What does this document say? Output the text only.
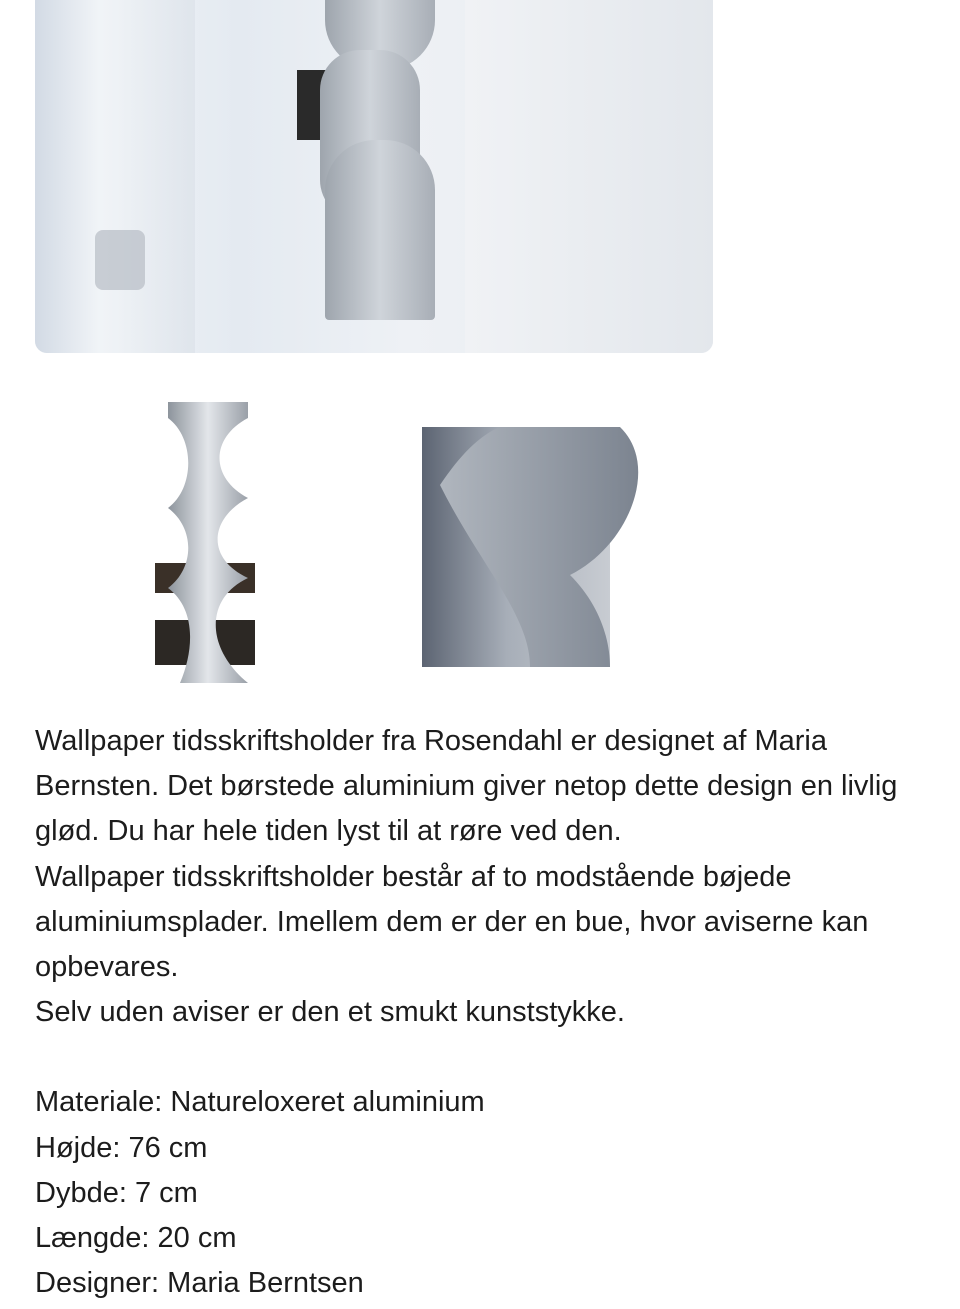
Wallpaper tidsskriftsholder fra Rosendahl er designet af Maria Bernsten. Det børstede aluminium giver netop dette design en livlig glød. Du har hele tiden lyst til at røre ved den.

Wallpaper tidsskriftsholder består af to modstående bøjede aluminiumsplader. Imellem dem er der en bue, hvor aviserne kan opbevares.

Selv uden aviser er den et smukt kunststykke.

Materiale: Natureloxeret aluminium

Højde: 76 cm

Dybde: 7 cm

Længde: 20 cm

Designer: Maria Berntsen
